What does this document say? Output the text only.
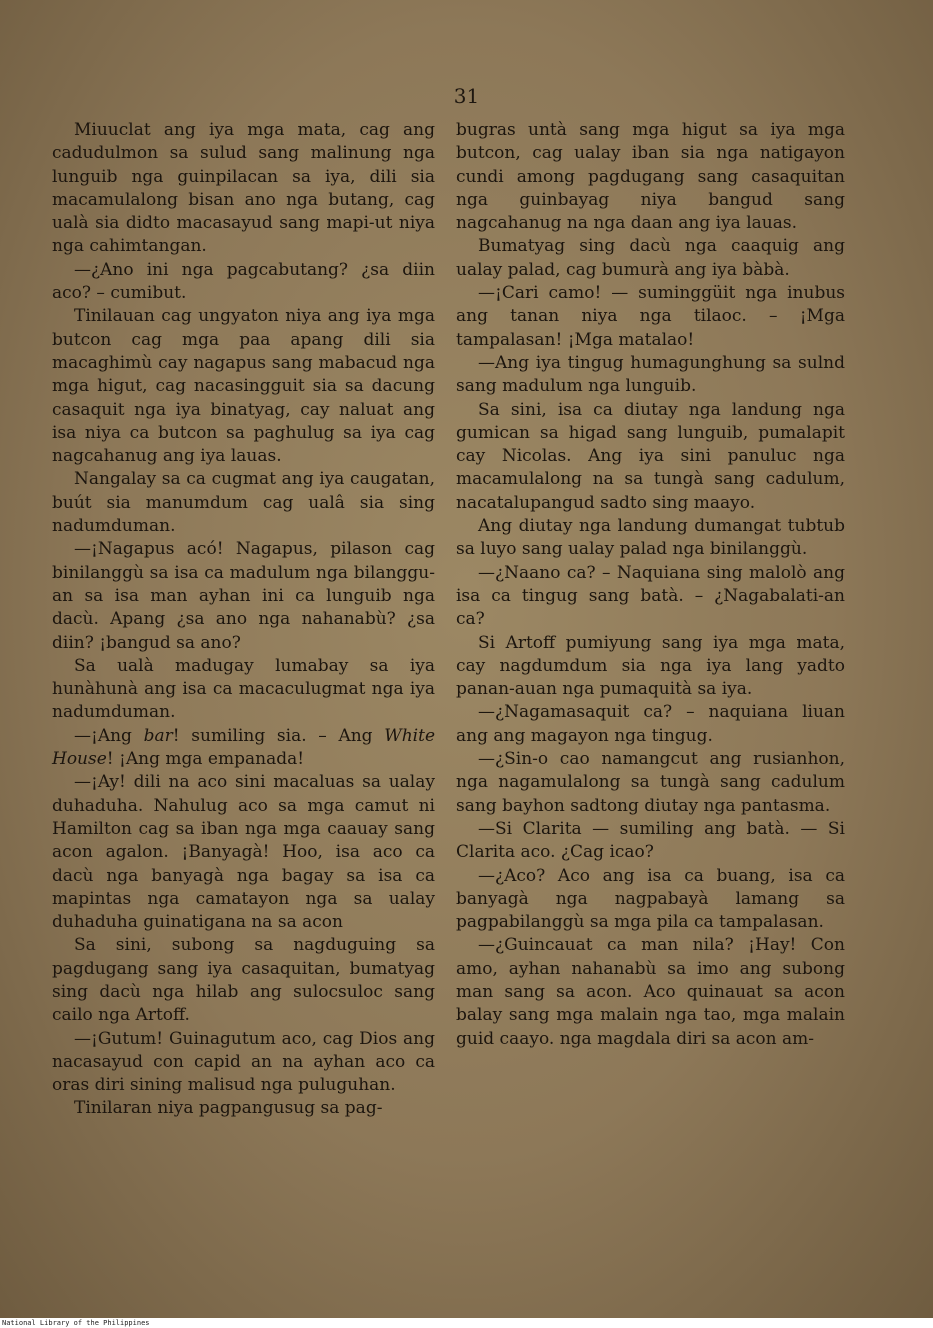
31

Miuuclat ang iya mga mata, cag ang cadudulmon sa sulud sang malinung nga lunguib nga guinpilacan sa iya, dili sia macamulalong bisan ano nga butang, cag ualà sia didto macasayud sang mapi-ut niya nga cahimtangan.

—¿Ano ini nga pagcabutang? ¿sa diin aco? – cumibut.

Tinilauan cag ungyaton niya ang iya mga butcon cag mga paa apang dili sia macaghimù cay nagapus sang mabacud nga mga higut, cag nacasingguit sia sa dacung casaquit nga iya binatyag, cay naluat ang isa niya ca butcon sa paghulug sa iya cag nagcahanug ang iya lauas.

Nangalay sa ca cugmat ang iya caugatan, buút sia manumdum cag ualâ sia sing nadumduman.

—¡Nagapus acó! Nagapus, pilason cag binilanggù sa isa ca madulum nga bilanggu-an sa isa man ayhan ini ca lunguib nga dacù. Apang ¿sa ano nga nahanabù? ¿sa diin? ¡bangud sa ano?

Sa ualà madugay lumabay sa iya hunàhunà ang isa ca macaculugmat nga iya nadumduman.

—¡Ang bar! sumiling sia. – Ang White House! ¡Ang mga empanada!

—¡Ay! dili na aco sini macaluas sa ualay duhaduha. Nahulug aco sa mga camut ni Hamilton cag sa iban nga mga caauay sang acon agalon. ¡Banyagà! Hoo, isa aco ca dacù nga banyagà nga bagay sa isa ca mapintas nga camatayon nga sa ualay duhaduha guinatigana na sa acon

Sa sini, subong sa nagduguing sa pagdugang sang iya casaquitan, bumatyag sing dacù nga hilab ang sulocsuloc sang cailo nga Artoff.

—¡Gutum! Guinagutum aco, cag Dios ang nacasayud con capid an na ayhan aco ca oras diri sining malisud nga puluguhan.

Tinilaran niya pagpangusug sa pag-

bugras untà sang mga higut sa iya mga butcon, cag ualay iban sia nga natigayon cundi among pagdugang sang casaquitan nga guinbayag niya bangud sang nagcahanug na nga daan ang iya lauas.

Bumatyag sing dacù nga caaquig ang ualay palad, cag bumurà ang iya bàbà.

—¡Cari camo! — suminggüit nga inubus ang tanan niya nga tilaoc. – ¡Mga tampalasan! ¡Mga matalao!

—Ang iya tingug humagunghung sa sulnd sang madulum nga lunguib.

Sa sini, isa ca diutay nga landung nga gumican sa higad sang lunguib, pumalapit cay Nicolas. Ang iya sini panuluc nga macamulalong na sa tungà sang cadulum, nacatalupangud sadto sing maayo.

Ang diutay nga landung dumangat tubtub sa luyo sang ualay palad nga binilanggù.

—¿Naano ca? – Naquiana sing malolò ang isa ca tingug sang batà. – ¿Nagabalati-an ca?

Si Artoff pumiyung sang iya mga mata, cay nagdumdum sia nga iya lang yadto panan-auan nga pumaquità sa iya.

—¿Nagamasaquit ca? – naquiana liuan ang ang magayon nga tingug.

—¿Sin-o cao namangcut ang rusianhon, nga nagamulalong sa tungà sang cadulum sang bayhon sadtong diutay nga pantasma.

—Si Clarita — sumiling ang batà. — Si Clarita aco. ¿Cag icao?

—¿Aco? Aco ang isa ca buang, isa ca banyagà nga nagpabayà lamang sa pagpabilanggù sa mga pila ca tampalasan.

—¿Guincauat ca man nila? ¡Hay! Con amo, ayhan nahanabù sa imo ang subong man sang sa acon. Aco quinauat sa acon balay sang mga malain nga tao, mga malain guid caayo. nga magdala diri sa acon am-

National Library of the Philippines
